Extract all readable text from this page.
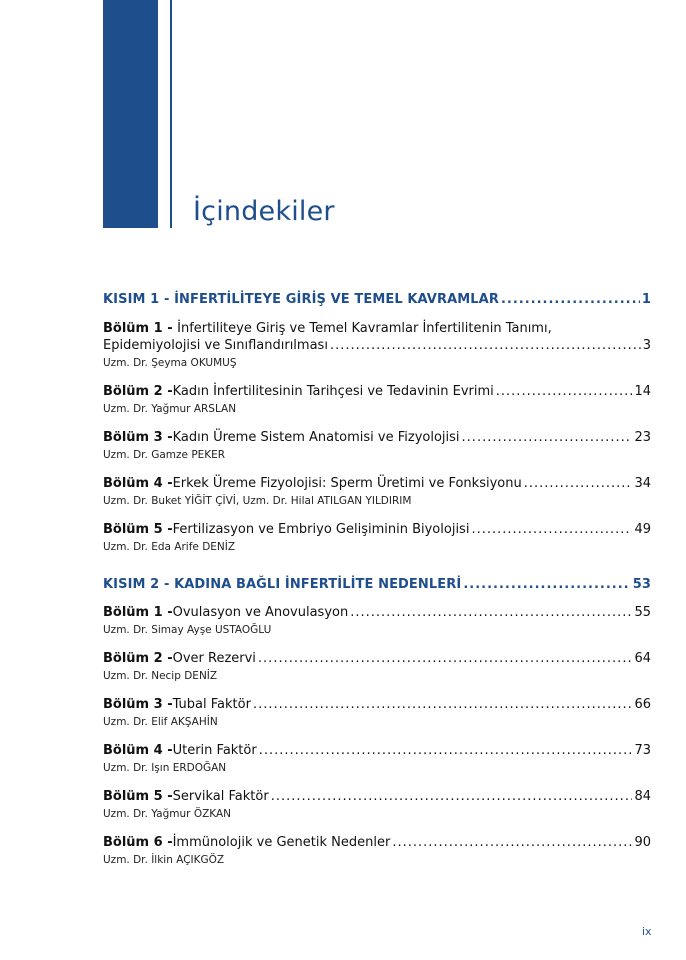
İçindekiler
KISIM 1 - İNFERTİLİTEYE GİRİŞ VE TEMEL KAVRAMLAR .....	1
Bölüm 1 - İnfertiliteye Giriş ve Temel Kavramlar İnfertilitenin Tanımı,
Epidemiyolojisi ve Sınıflandırılması .....	3
Uzm. Dr. Şeyma OKUMUŞ
Bölüm 2 - Kadın İnfertilitesinin Tarihçesi ve Tedavinin Evrimi .....	14
Uzm. Dr. Yağmur ARSLAN
Bölüm 3 - Kadın Üreme Sistem Anatomisi ve Fizyolojisi .....	23
Uzm. Dr. Gamze PEKER
Bölüm 4 - Erkek Üreme Fizyolojisi: Sperm Üretimi ve Fonksiyonu .....	34
Uzm. Dr. Buket YİĞİT ÇİVİ, Uzm. Dr. Hilal ATILGAN YILDIRIM
Bölüm 5 - Fertilizasyon ve Embriyo Gelişiminin Biyolojisi .....	49
Uzm. Dr. Eda Arife DENİZ
KISIM 2 - KADINA BAĞLI İNFERTİLİTE NEDENLERİ .....	53
Bölüm 1 - Ovulasyon ve Anovulasyon .....	55
Uzm. Dr. Simay Ayşe USTAOĞLU
Bölüm 2 - Over Rezervi .....	64
Uzm. Dr. Necip DENİZ
Bölüm 3 - Tubal Faktör .....	66
Uzm. Dr. Elif AKŞAHİN
Bölüm 4 - Uterin Faktör .....	73
Uzm. Dr. Işın ERDOĞAN
Bölüm 5 - Servikal Faktör .....	84
Uzm. Dr. Yağmur ÖZKAN
Bölüm 6 - İmmünolojik ve Genetik Nedenler .....	90
Uzm. Dr. İlkin AÇIKGÖZ
ix
